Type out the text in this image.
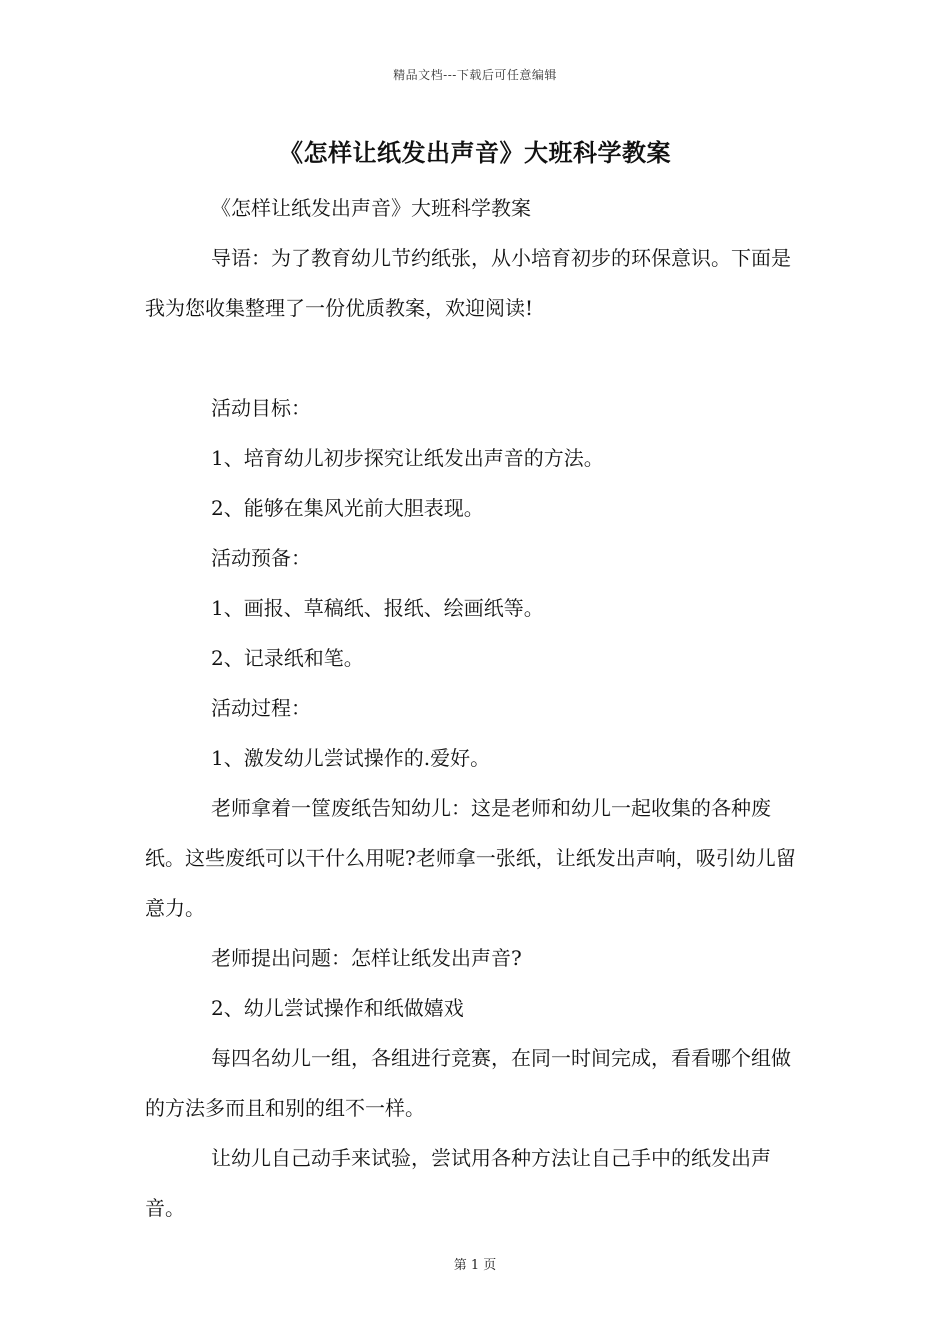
精品文档---下载后可任意编辑
《怎样让纸发出声音》大班科学教案

《怎样让纸发出声音》大班科学教案

导语：为了教育幼儿节约纸张，从小培育初步的环保意识。下面是我为您收集整理了一份优质教案，欢迎阅读!

活动目标：

1、培育幼儿初步探究让纸发出声音的方法。

2、能够在集风光前大胆表现。

活动预备：

1、画报、草稿纸、报纸、绘画纸等。

2、记录纸和笔。

活动过程：

1、激发幼儿尝试操作的.爱好。

老师拿着一筐废纸告知幼儿：这是老师和幼儿一起收集的各种废纸。这些废纸可以干什么用呢?老师拿一张纸，让纸发出声响，吸引幼儿留意力。

老师提出问题：怎样让纸发出声音?

2、幼儿尝试操作和纸做嬉戏

每四名幼儿一组，各组进行竞赛，在同一时间完成，看看哪个组做的方法多而且和别的组不一样。

让幼儿自己动手来试验，尝试用各种方法让自己手中的纸发出声音。

第 1 页
